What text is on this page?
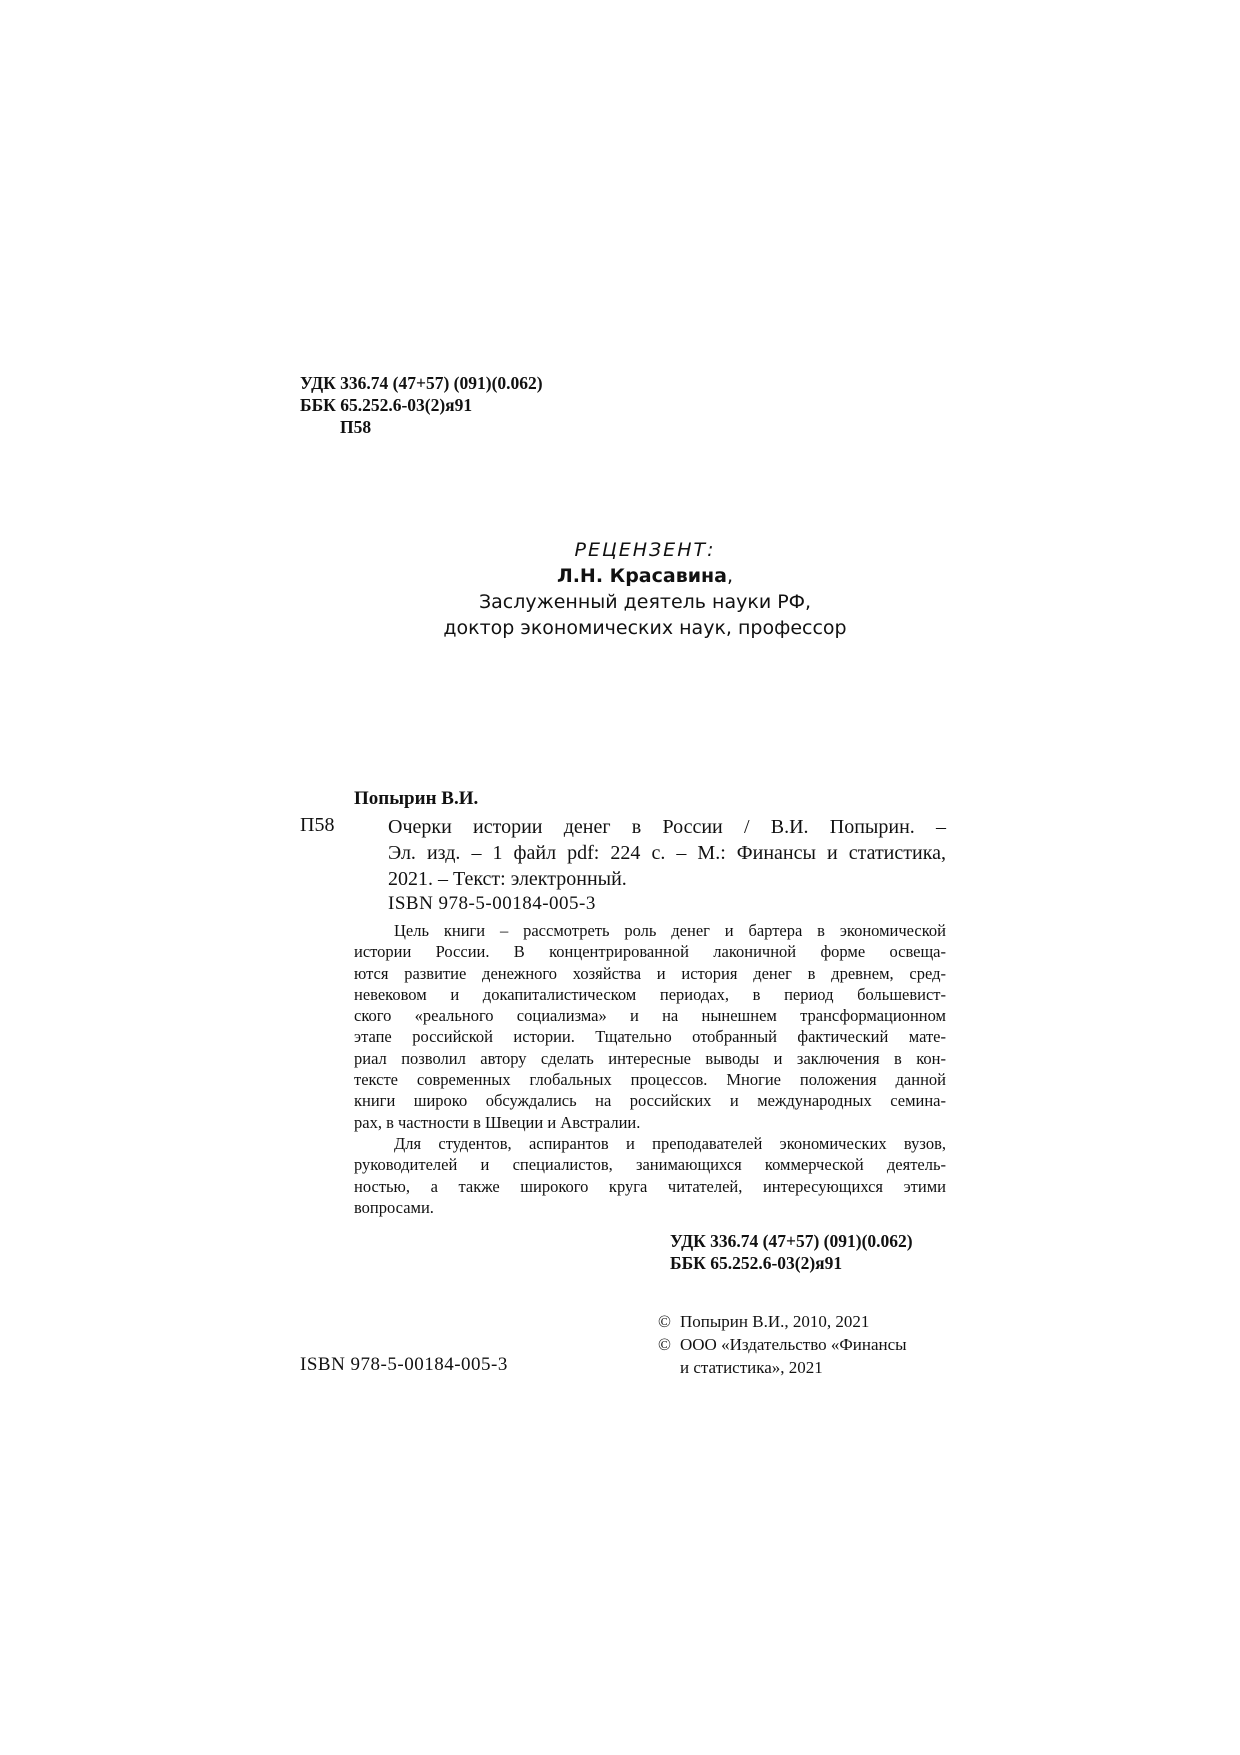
УДК 336.74 (47+57) (091)(0.062)
ББК 65.252.6-03(2)я91
П58
РЕЦЕНЗЕНТ:
Л.Н. Красавина,
Заслуженный деятель науки РФ,
доктор экономических наук, профессор
Попырин В.И.
П58	Очерки истории денег в России / В.И. Попырин. –
Эл. изд. – 1 файл pdf: 224 с. – М.: Финансы и статистика,
2021. – Текст: электронный.
ISBN 978-5-00184-005-3
Цель книги – рассмотреть роль денег и бартера в экономической
истории России. В концентрированной лаконичной форме освеща-
ются развитие денежного хозяйства и история денег в древнем, сред-
невековом и докапиталистическом периодах, в период большевист-
ского «реального социализма» и на нынешнем трансформационном
этапе российской истории. Тщательно отобранный фактический мате-
риал позволил автору сделать интересные выводы и заключения в кон-
тексте современных глобальных процессов. Многие положения данной
книги широко обсуждались на российских и международных семина-
рах, в частности в Швеции и Австралии.
Для студентов, аспирантов и преподавателей экономических вузов,
руководителей и специалистов, занимающихся коммерческой деятель-
ностью, а также широкого круга читателей, интересующихся этими
вопросами.
УДК 336.74 (47+57) (091)(0.062)
ББК 65.252.6-03(2)я91
© Попырин В.И., 2010, 2021
© ООО «Издательство «Финансы
и статистика», 2021
ISBN 978-5-00184-005-3
